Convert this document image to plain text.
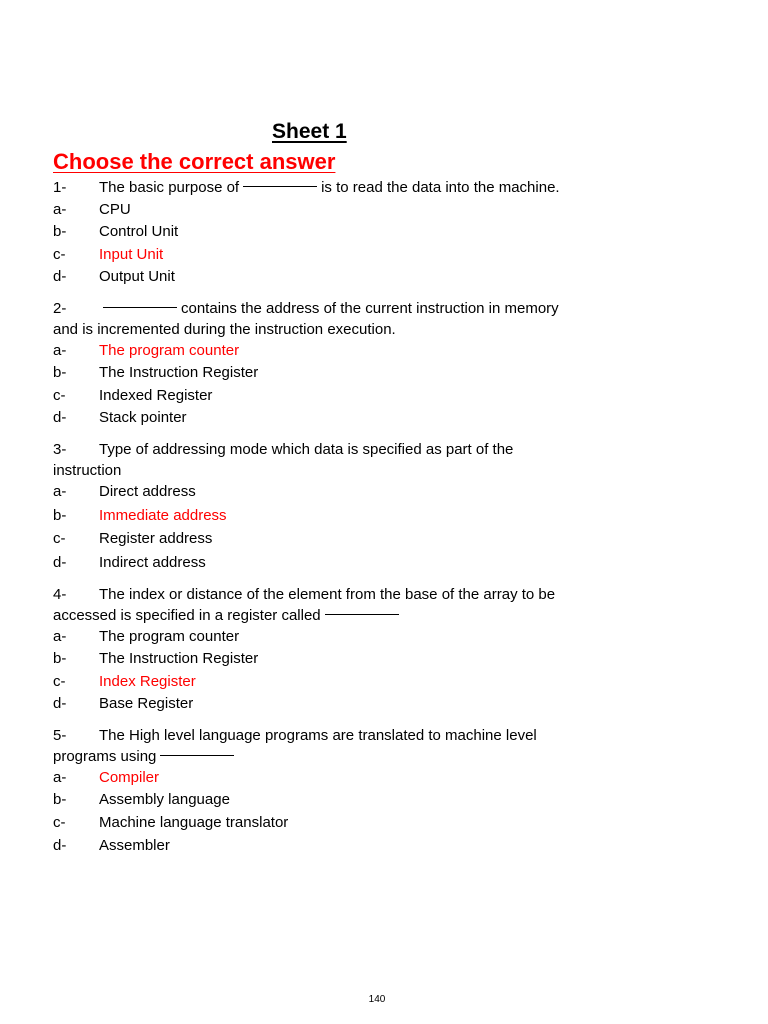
Sheet 1
Choose the correct answer
1- The basic purpose of	is to read the data into the machine.
a- CPU
b- Control Unit
c- Input Unit
d- Output Unit
2-	contains the address of the current instruction in memory
and is incremented during the instruction execution.
a- The program counter
b- The Instruction Register
c- Indexed Register
d- Stack pointer
3- Type of addressing mode which data is specified as part of the
instruction
a- Direct address
b- Immediate address
c- Register address
d- Indirect address
4- The index or distance of the element from the base of the array to be
accessed is specified in a register called
a- The program counter
b- The Instruction Register
c- Index Register
d- Base Register
5- The High level language programs are translated to machine level
programs using
a- Compiler
b- Assembly language
c- Machine language translator
d- Assembler
140
